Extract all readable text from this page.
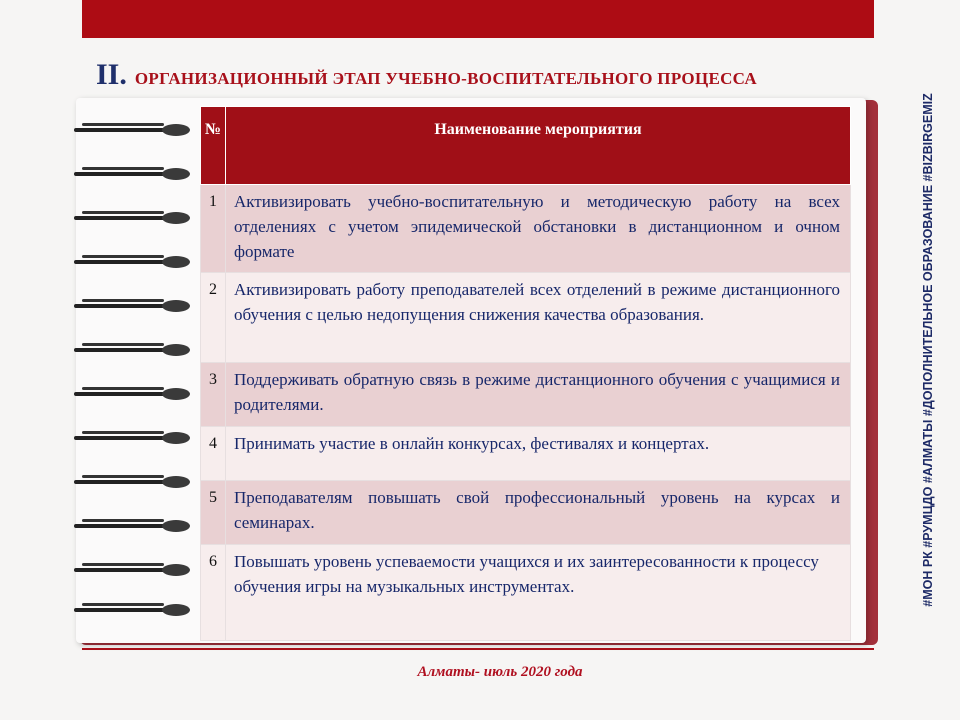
II. ОРГАНИЗАЦИОННЫЙ ЭТАП УЧЕБНО-ВОСПИТАТЕЛЬНОГО ПРОЦЕССА
№	Наименование мероприятия
1	Активизировать учебно-воспитательную и методическую работу на всех отделениях с учетом эпидемической обстановки в дистанционном и очном формате
2	Активизировать работу преподавателей всех отделений в режиме дистанционного обучения с целью недопущения снижения качества образования.
3	Поддерживать обратную связь в режиме дистанционного обучения с учащимися и родителями.
4	Принимать участие в онлайн конкурсах, фестивалях и концертах.
5	Преподавателям повышать свой профессиональный уровень на курсах и семинарах.
6	Повышать уровень успеваемости учащихся и их заинтересованности к процессу обучения игры на музыкальных инструментах.
Алматы- июль 2020 года
#МОН РК #РУМЦДО #АЛМАТЫ #ДОПОЛНИТЕЛЬНОЕ ОБРАЗОВАНИЕ #BIZBIRGEMIZ
